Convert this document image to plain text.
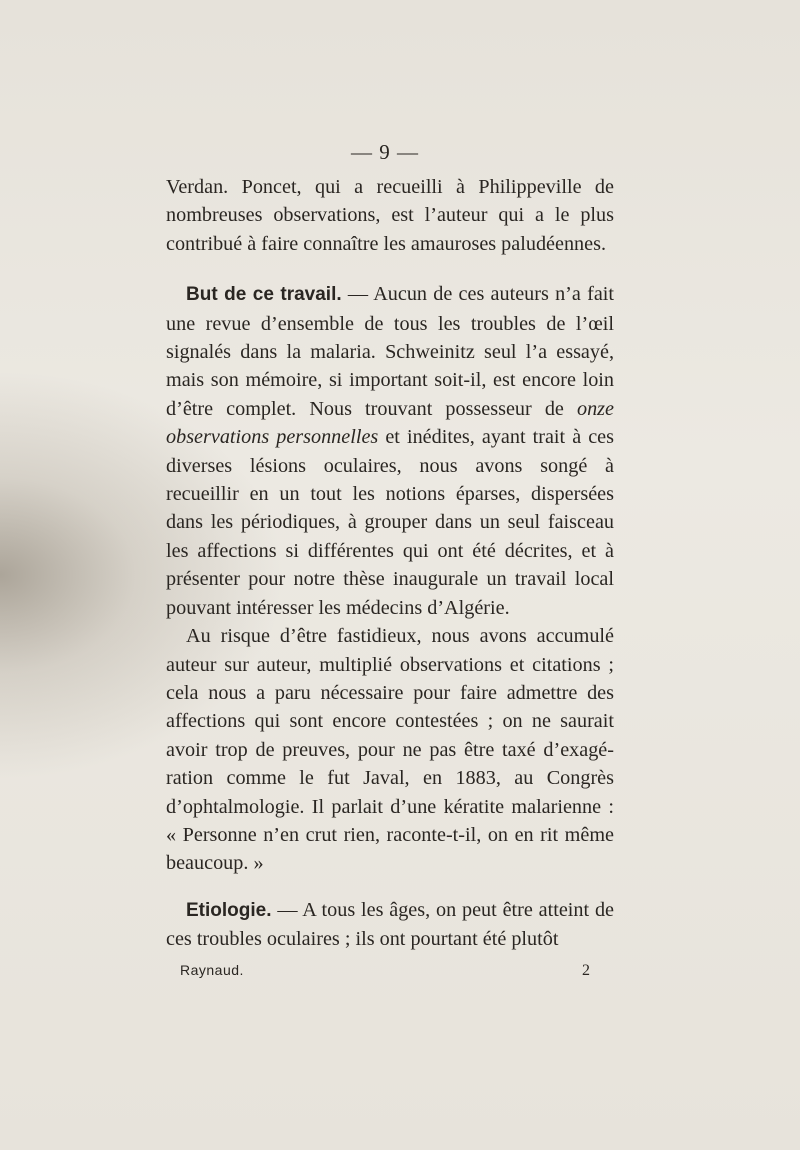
— 9 —

Verdan. Poncet, qui a recueilli à Philippeville de nombreuses observations, est l’auteur qui a le plus contribué à faire connaître les amauroses paludéennes.

But de ce travail. — Aucun de ces auteurs n’a fait une revue d’ensemble de tous les troubles de l’œil signalés dans la malaria. Schweinitz seul l’a essayé, mais son mémoire, si important soit-il, est encore loin d’être complet. Nous trouvant possesseur de onze observations personnelles et inédites, ayant trait à ces diverses lésions oculaires, nous avons songé à recueillir en un tout les notions éparses, dispersées dans les périodiques, à grouper dans un seul faisceau les affections si différentes qui ont été décrites, et à présenter pour notre thèse inaugurale un travail local pouvant intéresser les médecins d’Algérie.

Au risque d’être fastidieux, nous avons accumulé auteur sur auteur, multiplié observations et citations ; cela nous a paru nécessaire pour faire admettre des affections qui sont encore contestées ; on ne saurait avoir trop de preuves, pour ne pas être taxé d’exagération comme le fut Javal, en 1883, au Congrès d’ophtalmologie. Il parlait d’une kératite malarienne : « Personne n’en crut rien, raconte-t-il, on en rit même beaucoup. »

Etiologie. — A tous les âges, on peut être atteint de ces troubles oculaires ; ils ont pourtant été plutôt

Raynaud.	2
